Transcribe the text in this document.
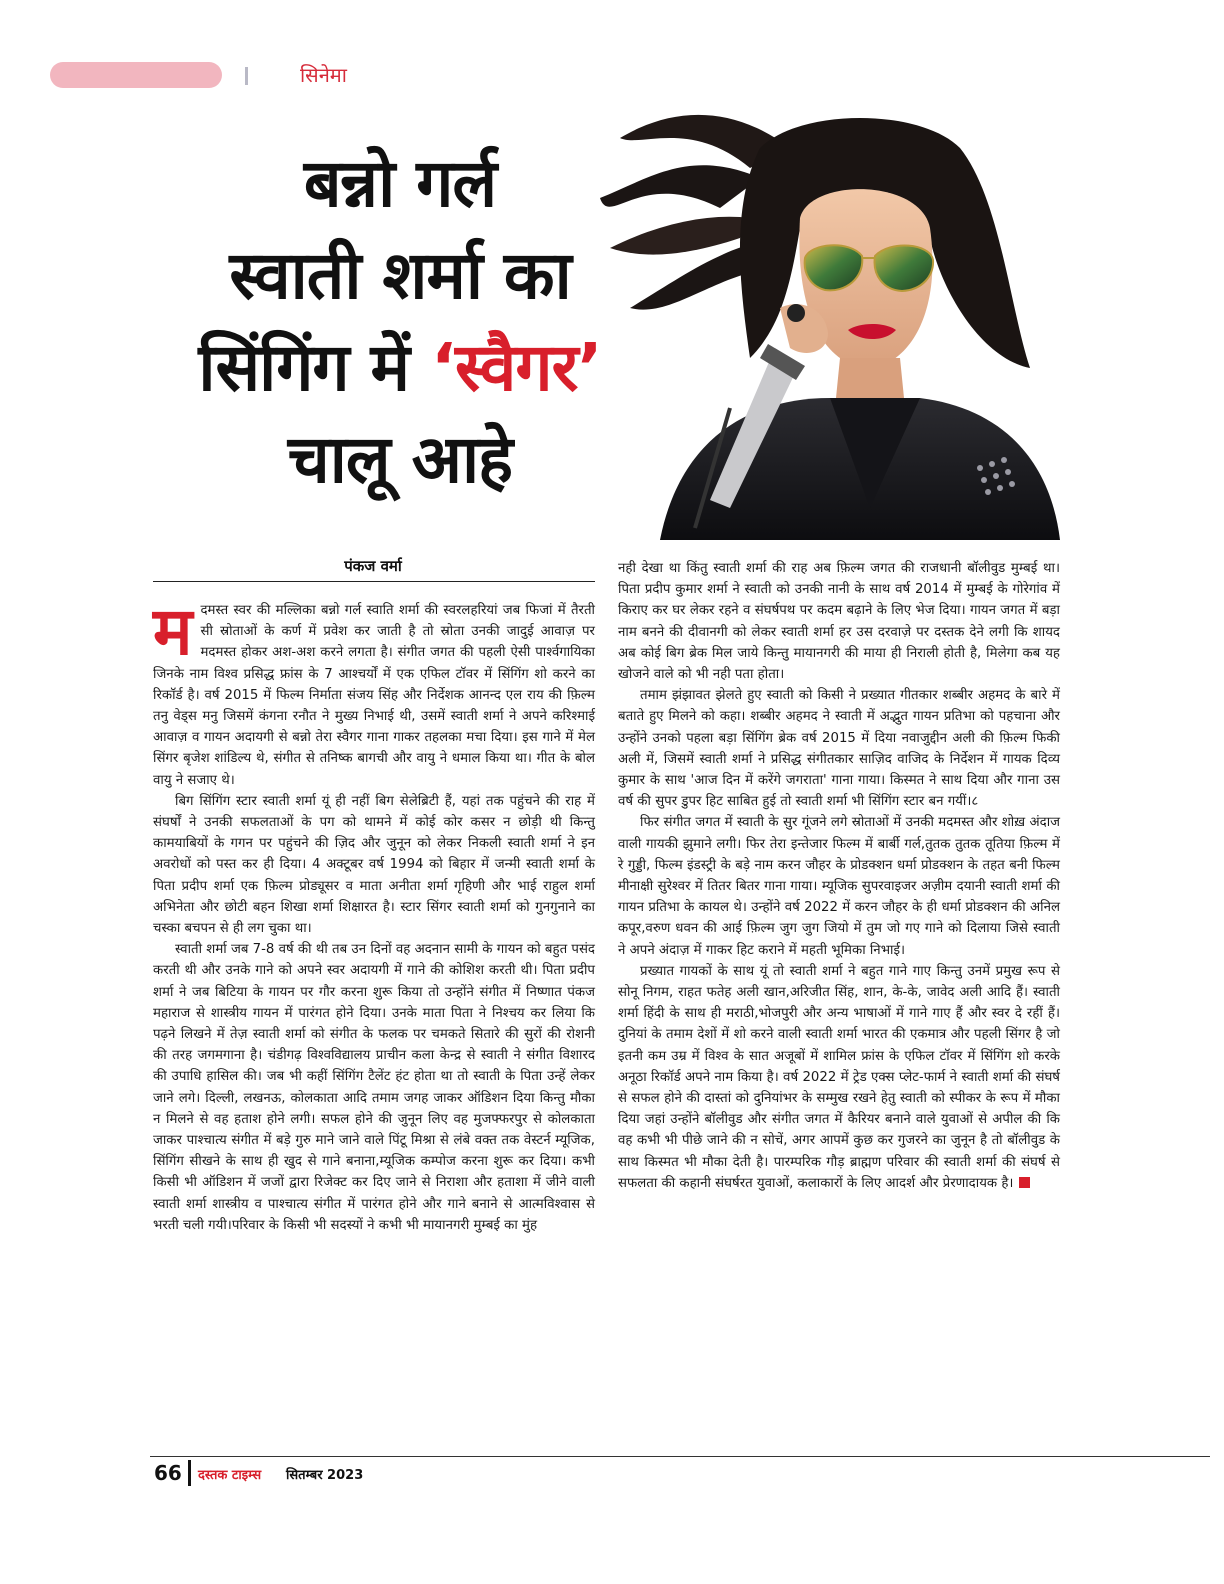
सिनेमा
बन्नो गर्ल
स्वाती शर्मा का
सिंगिंग में ‘स्वैगर’
चालू आहे
पंकज वर्मा

मदमस्त स्वर की मल्लिका बन्नो गर्ल स्वाति शर्मा की स्वरलहरियां जब फिजां में तैरती सी स्रोताओं के कर्ण में प्रवेश कर जाती है तो स्रोता उनकी जादुई आवाज़ पर मदमस्त होकर अश-अश करने लगता है। संगीत जगत की पहली ऐसी पार्श्वगायिका जिनके नाम विश्व प्रसिद्ध फ्रांस के 7 आश्चर्यों में एक एफिल टॉवर में सिंगिंग शो करने का रिकॉर्ड है। वर्ष 2015 में फिल्म निर्माता संजय सिंह और निर्देशक आनन्द एल राय की फ़िल्म तनु वेड्स मनु जिसमें कंगना रनौत ने मुख्य निभाई थी, उसमें स्वाती शर्मा ने अपने करिश्माई आवाज़ व गायन अदायगी से बन्नो तेरा स्वैगर गाना गाकर तहलका मचा दिया। इस गाने में मेल सिंगर बृजेश शांडिल्य थे, संगीत से तनिष्क बागची और वायु ने धमाल किया था। गीत के बोल वायु ने सजाए थे।

बिग सिंगिंग स्टार स्वाती शर्मा यूं ही नहीं बिग सेलेब्रिटी हैं, यहां तक पहुंचने की राह में संघर्षों ने उनकी सफलताओं के पग को थामने में कोई कोर कसर न छोड़ी थी किन्तु कामयाबियों के गगन पर पहुंचने की ज़िद और जुनून को लेकर निकली स्वाती शर्मा ने इन अवरोधों को पस्त कर ही दिया। 4 अक्टूबर वर्ष 1994 को बिहार में जन्मी स्वाती शर्मा के पिता प्रदीप शर्मा एक फ़िल्म प्रोड्यूसर व माता अनीता शर्मा गृहिणी और भाई राहुल शर्मा अभिनेता और छोटी बहन शिखा शर्मा शिक्षारत है। स्टार सिंगर स्वाती शर्मा को गुनगुनाने का चस्का बचपन से ही लग चुका था।

स्वाती शर्मा जब 7-8 वर्ष की थी तब उन दिनों वह अदनान सामी के गायन को बहुत पसंद करती थी और उनके गाने को अपने स्वर अदायगी में गाने की कोशिश करती थी। पिता प्रदीप शर्मा ने जब बिटिया के गायन पर गौर करना शुरू किया तो उन्होंने संगीत में निष्णात पंकज महाराज से शास्त्रीय गायन में पारंगत होने दिया। उनके माता पिता ने निश्चय कर लिया कि पढ़ने लिखने में तेज़ स्वाती शर्मा को संगीत के फलक पर चमकते सितारे की सुरों की रोशनी की तरह जगमगाना है। चंडीगढ़ विश्वविद्यालय प्राचीन कला केन्द्र से स्वाती ने संगीत विशारद की उपाधि हासिल की। जब भी कहीं सिंगिंग टैलेंट हंट होता था तो स्वाती के पिता उन्हें लेकर जाने लगे। दिल्ली, लखनऊ, कोलकाता आदि तमाम जगह जाकर ऑडिशन दिया किन्तु मौका न मिलने से वह हताश होने लगी। सफल होने की जुनून लिए वह मुजफ्फरपुर से कोलकाता जाकर पाश्चात्य संगीत में बड़े गुरु माने जाने वाले पिंटू मिश्रा से लंबे वक्त तक वेस्टर्न म्यूजिक, सिंगिंग सीखने के साथ ही खुद से गाने बनाना,म्यूजिक कम्पोज करना शुरू कर दिया। कभी किसी भी ऑडिशन में जजों द्वारा रिजेक्ट कर दिए जाने से निराशा और हताशा में जीने वाली स्वाती शर्मा शास्त्रीय व पाश्चात्य संगीत में पारंगत होने और गाने बनाने से आत्मविश्वास से भरती चली गयी।परिवार के किसी भी सदस्यों ने कभी भी मायानगरी मुम्बई का मुंह

नही देखा था किंतु स्वाती शर्मा की राह अब फ़िल्म जगत की राजधानी बॉलीवुड मुम्बई था। पिता प्रदीप कुमार शर्मा ने स्वाती को उनकी नानी के साथ वर्ष 2014 में मुम्बई के गोरेगांव में किराए कर घर लेकर रहने व संघर्षपथ पर कदम बढ़ाने के लिए भेज दिया। गायन जगत में बड़ा नाम बनने की दीवानगी को लेकर स्वाती शर्मा हर उस दरवाज़े पर दस्तक देने लगी कि शायद अब कोई बिग ब्रेक मिल जाये किन्तु मायानगरी की माया ही निराली होती है, मिलेगा कब यह खोजने वाले को भी नही पता होता।

तमाम झंझावत झेलते हुए स्वाती को किसी ने प्रख्यात गीतकार शब्बीर अहमद के बारे में बताते हुए मिलने को कहा। शब्बीर अहमद ने स्वाती में अद्भुत गायन प्रतिभा को पहचाना और उन्होंने उनको पहला बड़ा सिंगिंग ब्रेक वर्ष 2015 में दिया नवाजुद्दीन अली की फ़िल्म फिकी अली में, जिसमें स्वाती शर्मा ने प्रसिद्ध संगीतकार साज़िद वाजिद के निर्देशन में गायक दिव्य कुमार के साथ 'आज दिन में करेंगे जगराता' गाना गाया। किस्मत ने साथ दिया और गाना उस वर्ष की सुपर डुपर हिट साबित हुई तो स्वाती शर्मा भी सिंगिंग स्टार बन गयीं।८

फिर संगीत जगत में स्वाती के सुर गूंजने लगे स्रोताओं में उनकी मदमस्त और शोख़ अंदाज वाली गायकी झुमाने लगी। फिर तेरा इन्तेजार फिल्म में बार्बी गर्ल,तुतक तुतक तूतिया फ़िल्म में रे गुड्डी, फिल्म इंडस्ट्री के बड़े नाम करन जौहर के प्रोडक्शन धर्मा प्रोडक्शन के तहत बनी फिल्म मीनाक्षी सुरेश्वर में तितर बितर गाना गाया। म्यूजिक सुपरवाइजर अज़ीम दयानी स्वाती शर्मा की गायन प्रतिभा के कायल थे। उन्होंने वर्ष 2022 में करन जौहर के ही धर्मा प्रोडक्शन की अनिल कपूर,वरुण धवन की आई फ़िल्म जुग जुग जियो में तुम जो गए गाने को दिलाया जिसे स्वाती ने अपने अंदाज़ में गाकर हिट कराने में महती भूमिका निभाई।

प्रख्यात गायकों के साथ यूं तो स्वाती शर्मा ने बहुत गाने गाए किन्तु उनमें प्रमुख रूप से सोनू निगम, राहत फतेह अली खान,अरिजीत सिंह, शान, के-के, जावेद अली आदि हैं। स्वाती शर्मा हिंदी के साथ ही मराठी,भोजपुरी और अन्य भाषाओं में गाने गाए हैं और स्वर दे रहीं हैं। दुनियां के तमाम देशों में शो करने वाली स्वाती शर्मा भारत की एकमात्र और पहली सिंगर है जो इतनी कम उम्र में विश्व के सात अजूबों में शामिल फ्रांस के एफिल टॉवर में सिंगिंग शो करके अनूठा रिकॉर्ड अपने नाम किया है। वर्ष 2022 में ट्रेड एक्स प्लेट-फार्म ने स्वाती शर्मा की संघर्ष से सफल होने की दास्तां को दुनियांभर के सम्मुख रखने हेतु स्वाती को स्पीकर के रूप में मौका दिया जहां उन्होंने बॉलीवुड और संगीत जगत में कैरियर बनाने वाले युवाओं से अपील की कि वह कभी भी पीछे जाने की न सोचें, अगर आपमें कुछ कर गुजरने का जुनून है तो बॉलीवुड के साथ किस्मत भी मौका देती है। पारम्परिक गौड़ ब्राह्मण परिवार की स्वाती शर्मा की संघर्ष से सफलता की कहानी संघर्षरत युवाओं, कलाकारों के लिए आदर्श और प्रेरणादायक है।

66 दस्तक टाइम्स सितम्बर 2023
